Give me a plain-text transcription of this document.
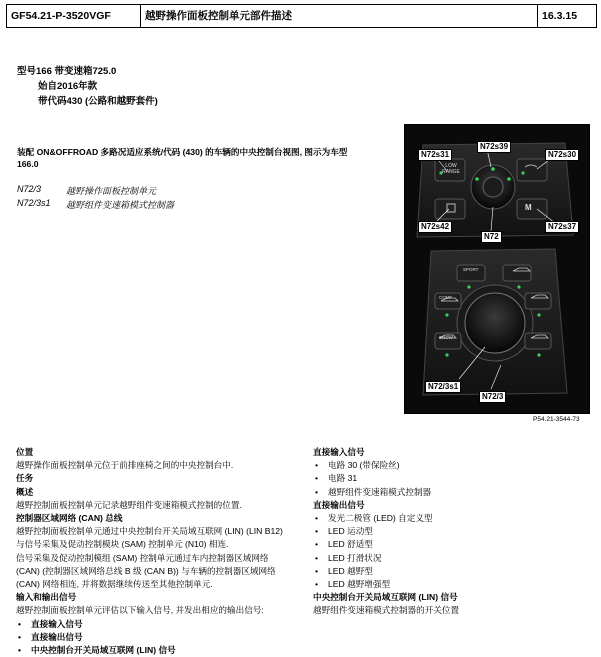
GF54.21-P-3520VGF	越野操作面板控制单元部件描述	16.3.15
型号166 带变速箱725.0
始自2016年款
带代码430 (公路和越野套件)
装配 ON&OFFROAD 多路况适应系统/代码 (430) 的车辆的中央控制台视图, 图示为车型
166.0
N72/3	越野操作面板控制单元
N72/3s1	越野组件变速箱模式控制器
LOW
RANGE
M
SPORT
COMF
SNOW
N72s31
N72s39
N72s30
N72s42
N72
N72s37
N72/3s1
N72/3
P54.21-3544-73
位置
越野操作面板控制单元位于前排座椅之间的中央控制台中.
任务
概述
越野控制面板控制单元记录越野组件变速箱模式控制的位置.
控制器区域网络 (CAN) 总线
越野控制面板控制单元通过中央控制台开关局域互联网 (LIN) (LIN B12)
与信号采集及促动控制模块 (SAM) 控制单元 (N10) 相连.
信号采集及促动控制模组 (SAM) 控制单元通过车内控制器区域网络
(CAN) (控制器区域网络总线 B 级 (CAN B)) 与车辆的控制器区域网络
(CAN) 网络相连, 并将数据继续传送至其他控制单元.
输入和输出信号
越野控制面板控制单元评估以下输入信号, 并发出相应的输出信号:
• 直接输入信号
• 直接输出信号
• 中央控制台开关局域互联网 (LIN) 信号
直接输入信号
• 电路 30 (带保险丝)
• 电路 31
• 越野组件变速箱模式控制器
直接输出信号
• 发光二极管 (LED) 自定义型
• LED 运动型
• LED 舒适型
• LED 打滑状况
• LED 越野型
• LED 越野增强型
中央控制台开关局域互联网 (LIN) 信号
越野组件变速箱模式控制器的开关位置
